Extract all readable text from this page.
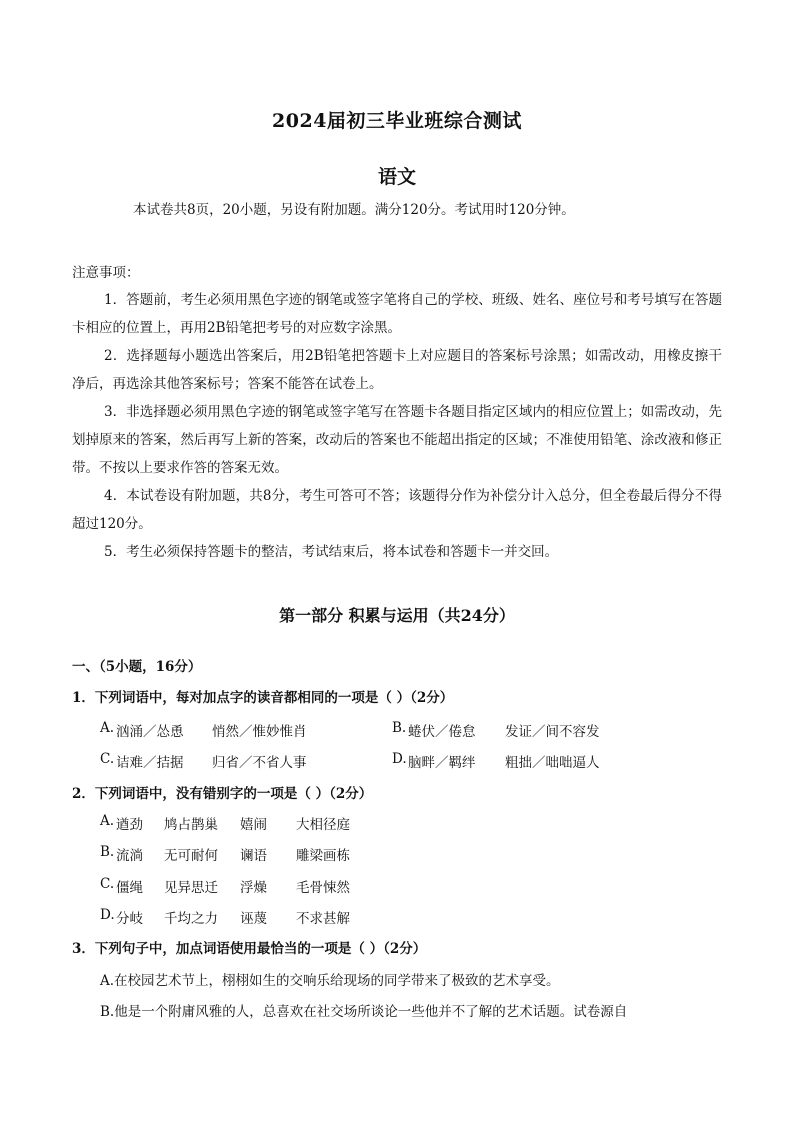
2024届初三毕业班综合测试
语文
本试卷共8页，20小题，另设有附加题。满分120分。考试用时120分钟。
注意事项：
1．答题前，考生必须用黑色字迹的钢笔或签字笔将自己的学校、班级、姓名、座位号和考号填写在答题卡相应的位置上，再用2B铅笔把考号的对应数字涂黑。
2．选择题每小题选出答案后，用2B铅笔把答题卡上对应题目的答案标号涂黑；如需改动，用橡皮擦干净后，再选涂其他答案标号；答案不能答在试卷上。
3．非选择题必须用黑色字迹的钢笔或签字笔写在答题卡各题目指定区域内的相应位置上；如需改动，先划掉原来的答案，然后再写上新的答案，改动后的答案也不能超出指定的区域；不准使用铅笔、涂改液和修正带。不按以上要求作答的答案无效。
4．本试卷设有附加题，共8分，考生可答可不答；该题得分作为补偿分计入总分，但全卷最后得分不得超过120分。
5．考生必须保持答题卡的整洁，考试结束后，将本试卷和答题卡一并交回。
第一部分 积累与运用（共24分）
一、（5小题，16分）
1．下列词语中，每对加点字的读音都相同的一项是（ ）（2分）
A. 汹涌／怂恿 悄然／惟妙惟肖	B. 蜷伏／倦怠 发证／间不容发
C. 诘难／拮据 归省／不省人事	D. 脑畔／羁绊 粗拙／咄咄逼人
2．下列词语中，没有错别字的一项是（ ）（2分）
A. 遒劲 鸠占鹊巢 嬉闹 大相径庭
B. 流淌 无可耐何 谰语 雕梁画栋
C. 僵绳 见异思迁 浮燥 毛骨悚然
D. 分岐 千均之力 诬蔑 不求甚解
3．下列句子中，加点词语使用最恰当的一项是（ ）（2分）
A.在校园艺术节上，栩栩如生的交响乐给现场的同学带来了极致的艺术享受。
B.他是一个附庸风雅的人，总喜欢在社交场所谈论一些他并不了解的艺术话题。试卷源自
